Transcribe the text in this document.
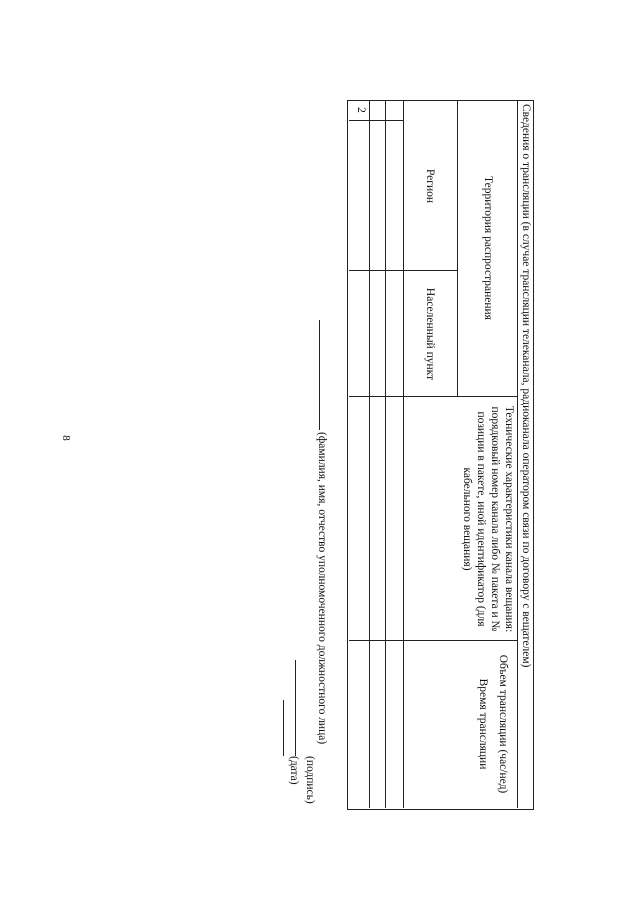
8	Сведения о трансляции (в случае трансляции телеканала, радиоканала оператором связи по договору с вещателем)
Территория распространения
Регион
Населенный пункт
Технические характеристики канала вещания: порядковый номер канала либо № пакета и № позиции в пакете, иной идентификатор (для кабельного вещания)
Объем трансляции (час/нед)
Время трансляции
2
(фамилия, имя, отчество уполномоченного должностного лица)
(подпись)
(дата)
